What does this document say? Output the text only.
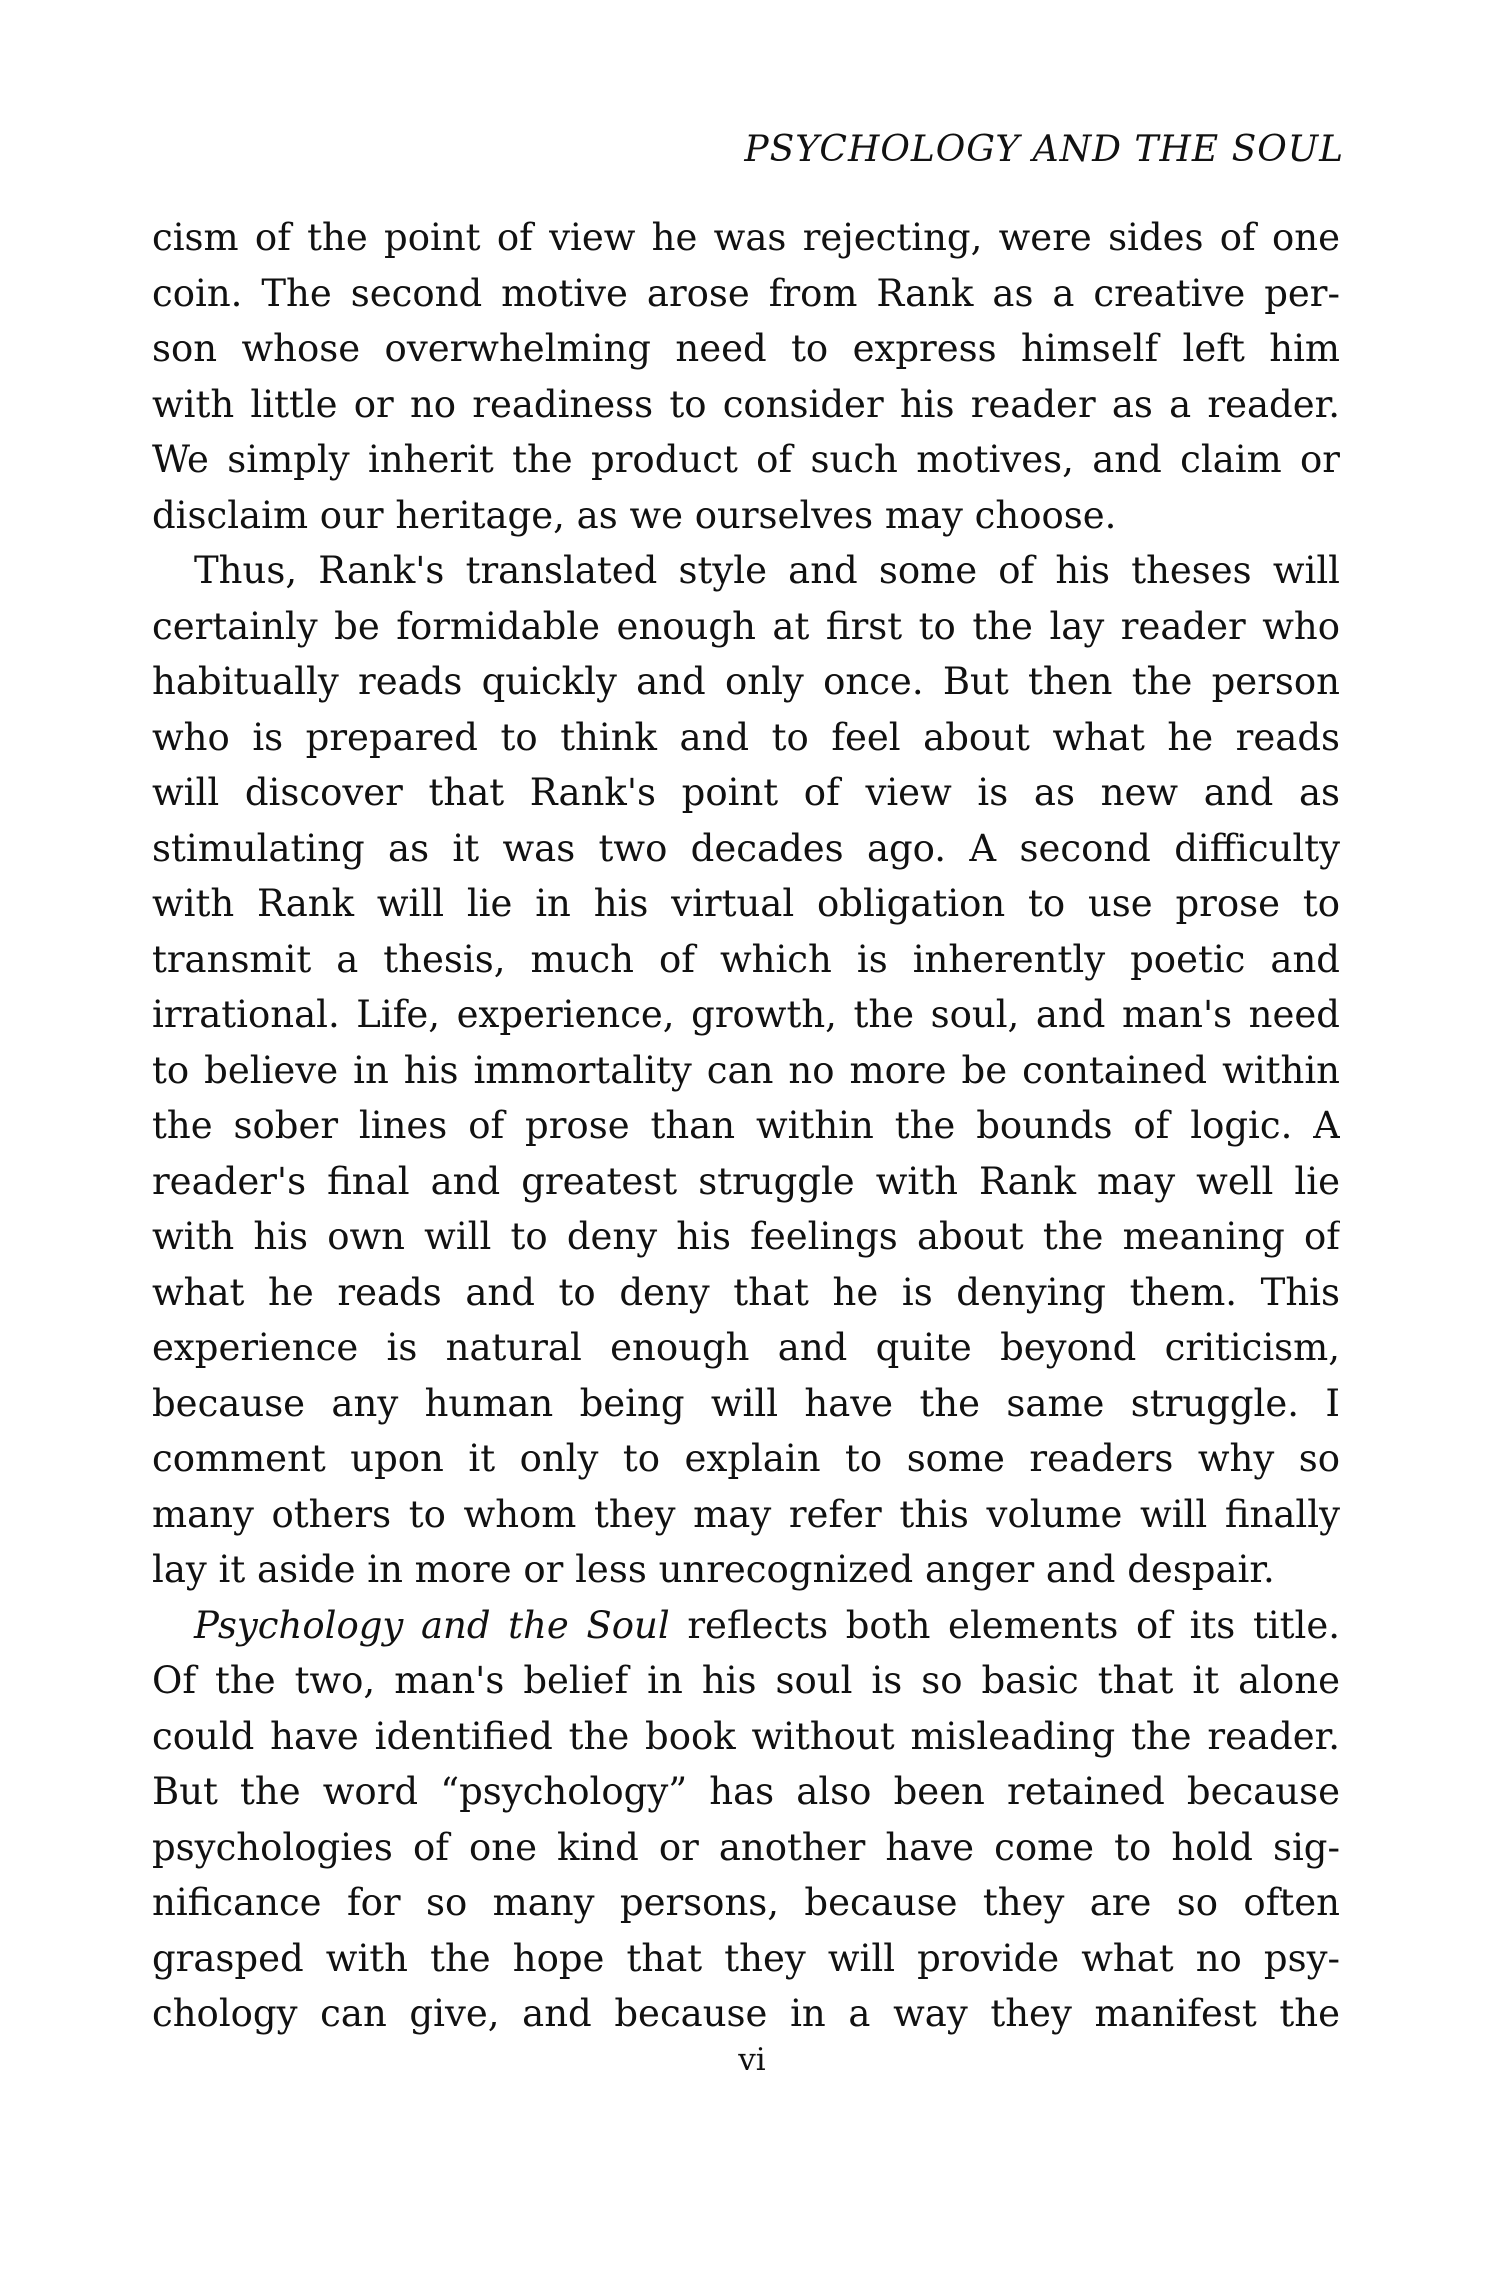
PSYCHOLOGY AND THE SOUL
cism of the point of view he was rejecting, were sides of one
coin. The second motive arose from Rank as a creative per-
son whose overwhelming need to express himself left him
with little or no readiness to consider his reader as a reader.
We simply inherit the product of such motives, and claim or
disclaim our heritage, as we ourselves may choose.
Thus, Rank's translated style and some of his theses will
certainly be formidable enough at first to the lay reader who
habitually reads quickly and only once. But then the person
who is prepared to think and to feel about what he reads
will discover that Rank's point of view is as new and as
stimulating as it was two decades ago. A second difficulty
with Rank will lie in his virtual obligation to use prose to
transmit a thesis, much of which is inherently poetic and
irrational. Life, experience, growth, the soul, and man's need
to believe in his immortality can no more be contained within
the sober lines of prose than within the bounds of logic. A
reader's final and greatest struggle with Rank may well lie
with his own will to deny his feelings about the meaning of
what he reads and to deny that he is denying them. This
experience is natural enough and quite beyond criticism,
because any human being will have the same struggle. I
comment upon it only to explain to some readers why so
many others to whom they may refer this volume will finally
lay it aside in more or less unrecognized anger and despair.
Psychology and the Soul reflects both elements of its title.
Of the two, man's belief in his soul is so basic that it alone
could have identified the book without misleading the reader.
But the word “psychology” has also been retained because
psychologies of one kind or another have come to hold sig-
nificance for so many persons, because they are so often
grasped with the hope that they will provide what no psy-
chology can give, and because in a way they manifest the
vi
